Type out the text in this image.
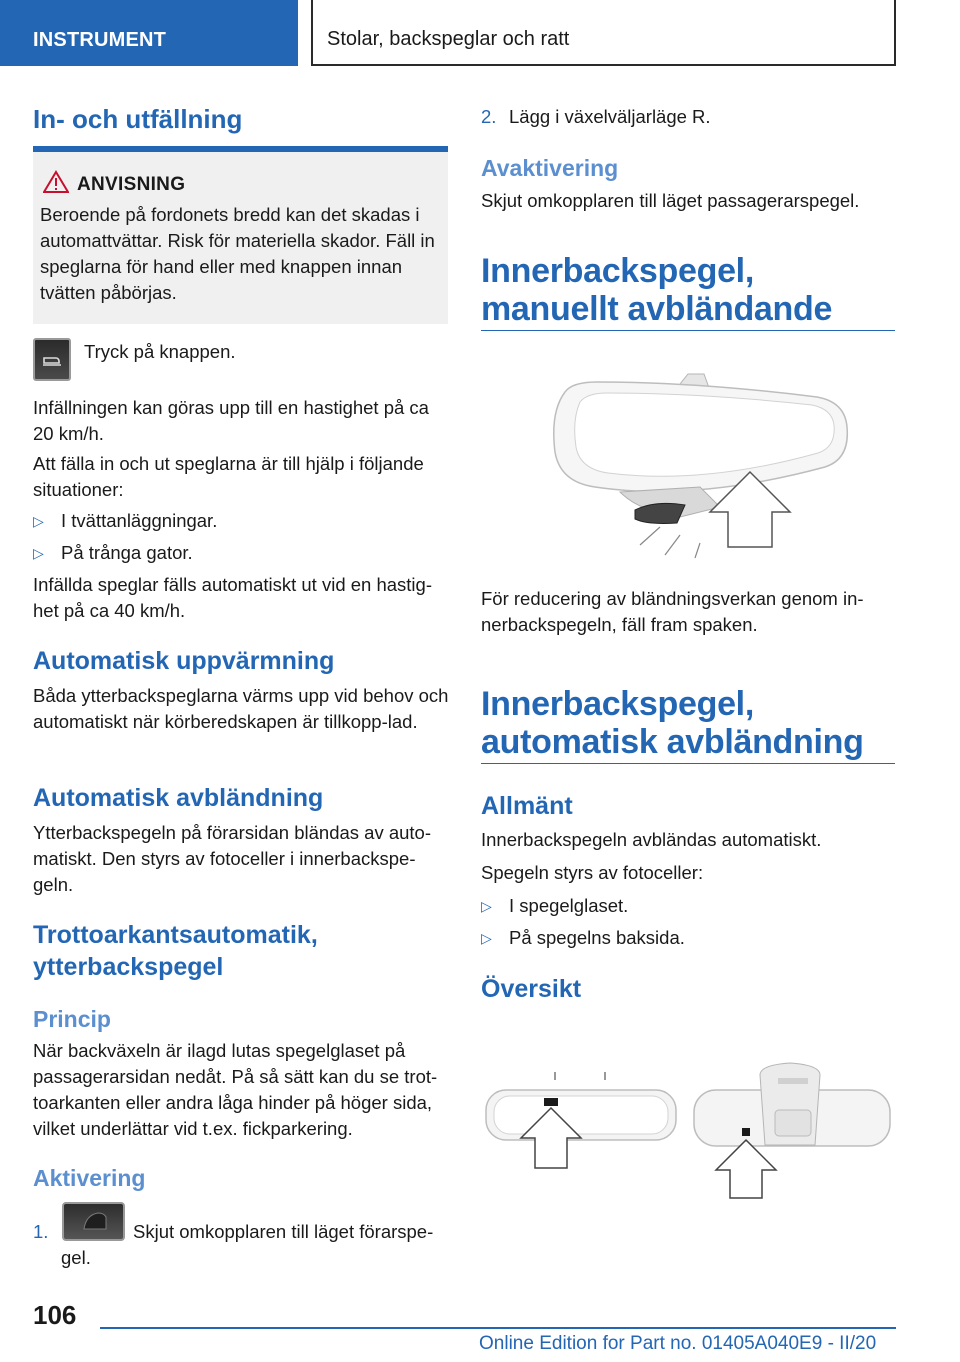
INSTRUMENT	Stolar, backspeglar och ratt
In- och utfällning
ANVISNING
Beroende på fordonets bredd kan det skadas i automattvättar. Risk för materiella skador. Fäll in speglarna för hand eller med knappen innan tvätten påbörjas.
Tryck på knappen.
Infällningen kan göras upp till en hastighet på ca 20 km/h.
Att fälla in och ut speglarna är till hjälp i följande situationer:
▷ I tvättanläggningar.
▷ På trånga gator.
Infällda speglar fälls automatiskt ut vid en hastig-het på ca 40 km/h.
Automatisk uppvärmning
Båda ytterbackspeglarna värms upp vid behov och automatiskt när körberedskapen är tillkopp-lad.
Automatisk avbländning
Ytterbackspegeln på förarsidan bländas av auto-matiskt. Den styrs av fotoceller i innerbackspe-geln.
Trottoarkantsautomatik, ytterbackspegel
Princip
När backväxeln är ilagd lutas spegelglaset på passagerarsidan nedåt. På så sätt kan du se trot-toarkanten eller andra låga hinder på höger sida, vilket underlättar vid t.ex. fickparkering.
Aktivering
1.	Skjut omkopplaren till läget förarspe-
gel.
2. Lägg i växelväljarläge R.
Avaktivering
Skjut omkopplaren till läget passagerarspegel.
Innerbackspegel, manuellt avbländande
För reducering av bländningsverkan genom in-nerbackspegeln, fäll fram spaken.
Innerbackspegel, automatisk avbländning
Allmänt
Innerbackspegeln avbländas automatiskt.
Spegeln styrs av fotoceller:
▷ I spegelglaset.
▷ På spegelns baksida.
Översikt
106
Online Edition for Part no. 01405A040E9 - II/20
